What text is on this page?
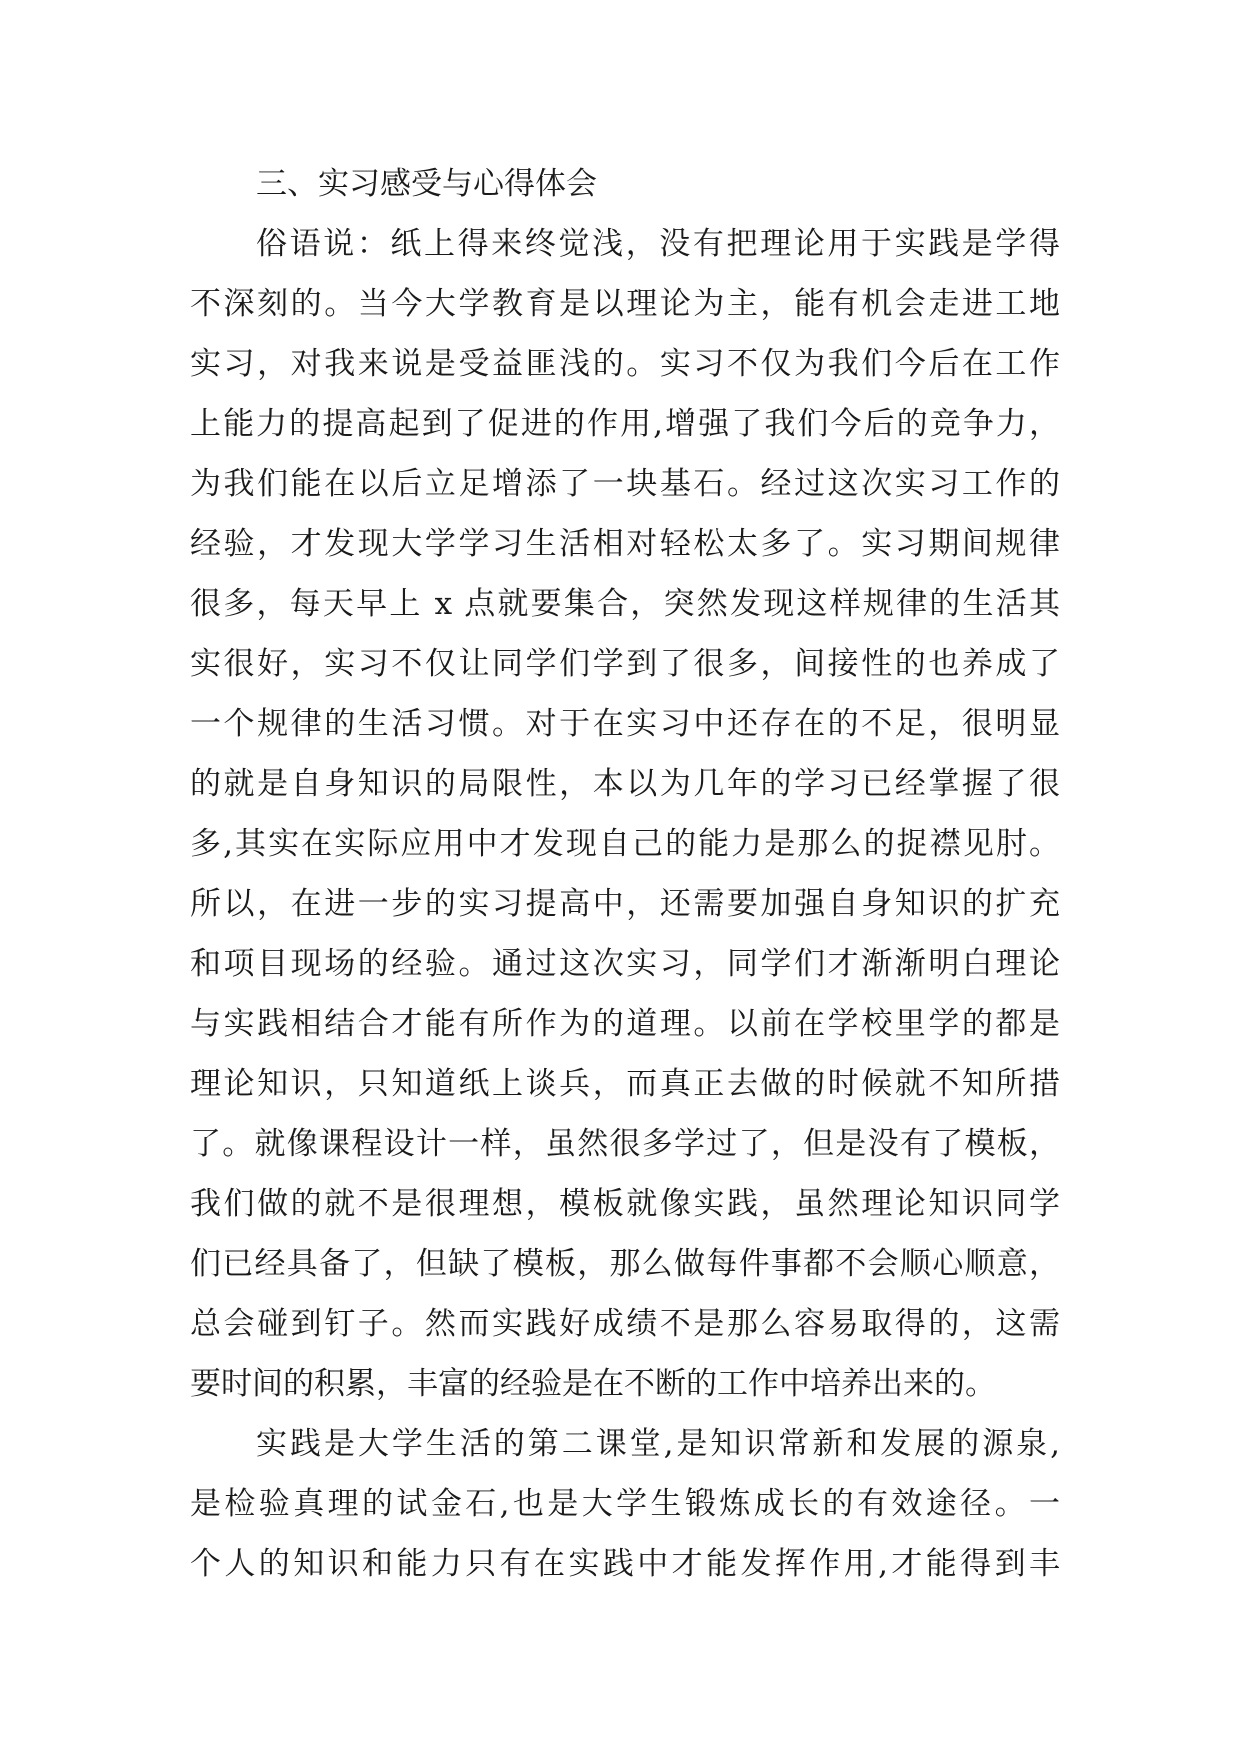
三、实习感受与心得体会
俗语说：纸上得来终觉浅，没有把理论用于实践是学得
不深刻的。当今大学教育是以理论为主，能有机会走进工地
实习，对我来说是受益匪浅的。实习不仅为我们今后在工作
上能力的提高起到了促进的作用,增强了我们今后的竞争力，
为我们能在以后立足增添了一块基石。经过这次实习工作的
经验，才发现大学学习生活相对轻松太多了。实习期间规律
很多，每天早上 x 点就要集合，突然发现这样规律的生活其
实很好，实习不仅让同学们学到了很多，间接性的也养成了
一个规律的生活习惯。对于在实习中还存在的不足，很明显
的就是自身知识的局限性，本以为几年的学习已经掌握了很
多,其实在实际应用中才发现自己的能力是那么的捉襟见肘。
所以，在进一步的实习提高中，还需要加强自身知识的扩充
和项目现场的经验。通过这次实习，同学们才渐渐明白理论
与实践相结合才能有所作为的道理。以前在学校里学的都是
理论知识，只知道纸上谈兵，而真正去做的时候就不知所措
了。就像课程设计一样，虽然很多学过了，但是没有了模板，
我们做的就不是很理想，模板就像实践，虽然理论知识同学
们已经具备了，但缺了模板，那么做每件事都不会顺心顺意，
总会碰到钉子。然而实践好成绩不是那么容易取得的，这需
要时间的积累，丰富的经验是在不断的工作中培养出来的。
实践是大学生活的第二课堂,是知识常新和发展的源泉,
是检验真理的试金石,也是大学生锻炼成长的有效途径。一
个人的知识和能力只有在实践中才能发挥作用,才能得到丰
